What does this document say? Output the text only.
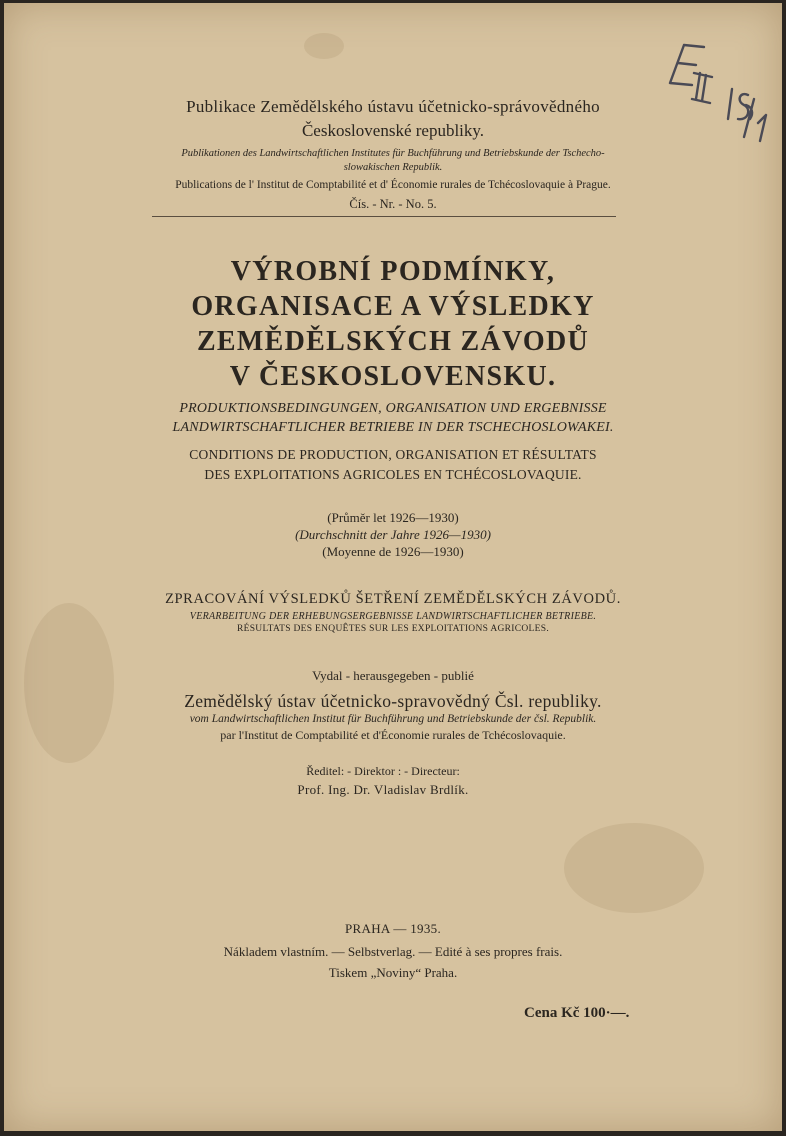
Publikace Zemědělského ústavu účetnicko-správovědného
Československé republiky.
Publikationen des Landwirtschaftlichen Institutes für Buchführung und Betriebskunde der Tschecho-
slowakischen Republik.
Publications de l' Institut de Comptabilité et d' Économie rurales de Tchécoslovaquie à Prague.
Čís. - Nr. - No. 5.
VÝROBNÍ PODMÍNKY,
ORGANISACE A VÝSLEDKY
ZEMĚDĚLSKÝCH ZÁVODŮ
V ČESKOSLOVENSKU.
PRODUKTIONSBEDINGUNGEN, ORGANISATION UND ERGEBNISSE
LANDWIRTSCHAFTLICHER BETRIEBE IN DER TSCHECHOSLOWAKEI.
CONDITIONS DE PRODUCTION, ORGANISATION ET RÉSULTATS
DES EXPLOITATIONS AGRICOLES EN TCHÉCOSLOVAQUIE.
(Průměr let 1926—1930)
(Durchschnitt der Jahre 1926—1930)
(Moyenne de 1926—1930)
ZPRACOVÁNÍ VÝSLEDKŮ ŠETŘENÍ ZEMĚDĚLSKÝCH ZÁVODŮ.
VERARBEITUNG DER ERHEBUNGSERGEBNISSE LANDWIRTSCHAFTLICHER BETRIEBE.
RÉSULTATS DES ENQUÊTES SUR LES EXPLOITATIONS AGRICOLES.
Vydal - herausgegeben - publié
Zemědělský ústav účetnicko-spravovědný Čsl. republiky.
vom Landwirtschaftlichen Institut für Buchführung und Betriebskunde der čsl. Republik.
par l'Institut de Comptabilité et d'Économie rurales de Tchécoslovaquie.
Ředitel: - Direktor : - Directeur:
Prof. Ing. Dr. Vladislav Brdlík.
PRAHA — 1935.
Nákladem vlastním. — Selbstverlag. — Edité à ses propres frais.
Tiskem „Noviny“ Praha.
Cena Kč 100·—.
